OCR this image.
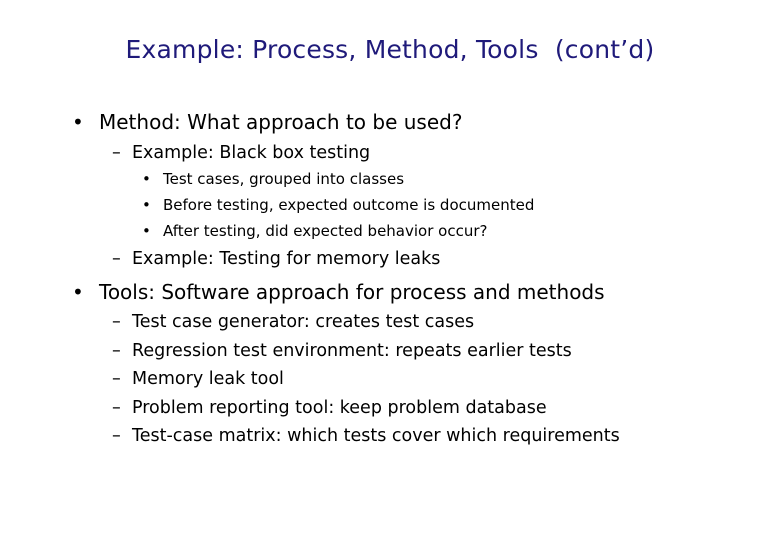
Example: Process, Method, Tools  (cont’d)
• Method: What approach to be used?
– Example: Black box testing
• Test cases, grouped into classes
• Before testing, expected outcome is documented
• After testing, did expected behavior occur?
– Example: Testing for memory leaks
• Tools: Software approach for process and methods
– Test case generator: creates test cases
– Regression test environment: repeats earlier tests
– Memory leak tool
– Problem reporting tool: keep problem database
– Test-case matrix: which tests cover which requirements
